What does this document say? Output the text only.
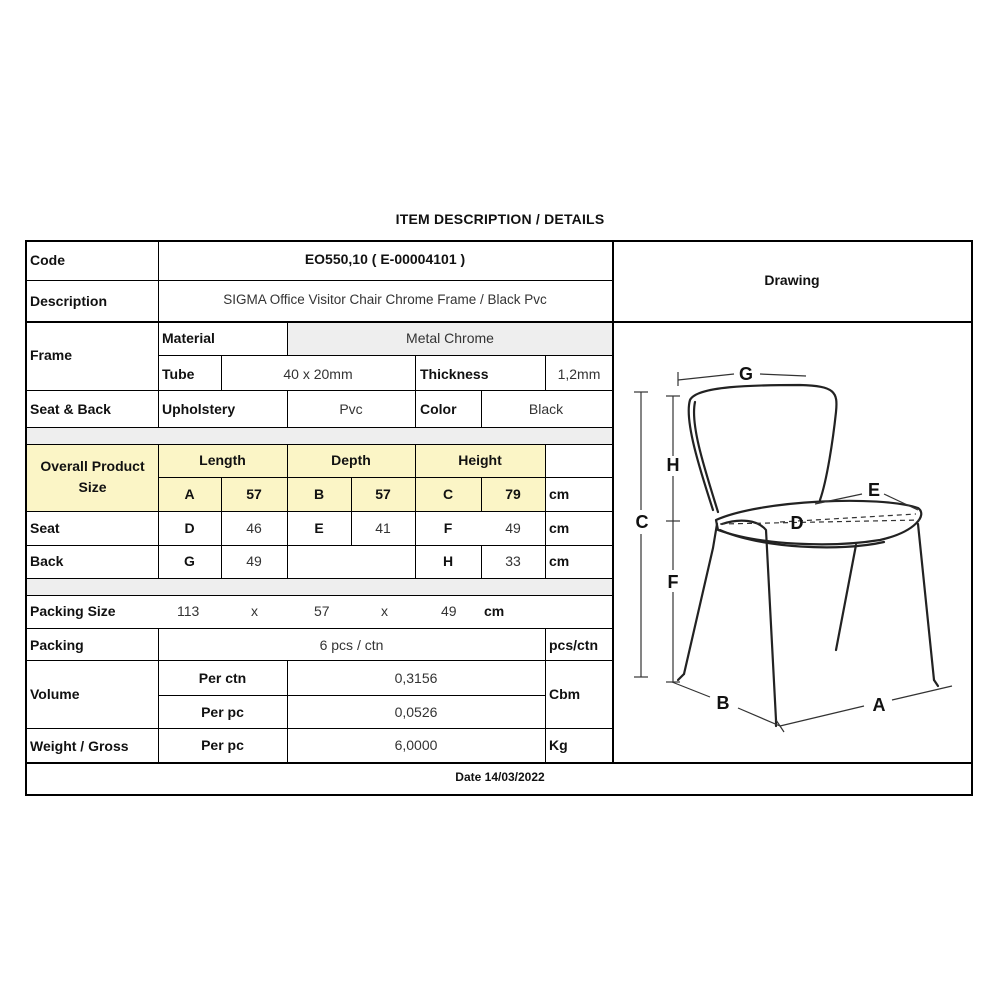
ITEM DESCRIPTION / DETAILS
Code	EO550,10 ( E-00004101 )
Description	SIGMA Office Visitor Chair Chrome Frame / Black Pvc
Drawing
Frame
Material	Metal Chrome
Tube	40 x 20mm	Thickness	1,2mm
Seat & Back	Upholstery	Pvc	Color	Black
Overall Product
Size
Length	Depth	Height
A	57	B	57	C	79	cm
Seat	D	46	E	41	F	49	cm
Back	G	49	H	33	cm
Packing Size	113	x	57	x	49 cm
Packing	6 pcs / ctn	pcs/ctn
Volume
Per ctn	0,3156
Per pc	0,0526
Cbm
Weight / Gross	Per pc	6,0000	Kg
Date 14/03/2022
G
H
C
F
E
D
B	A
